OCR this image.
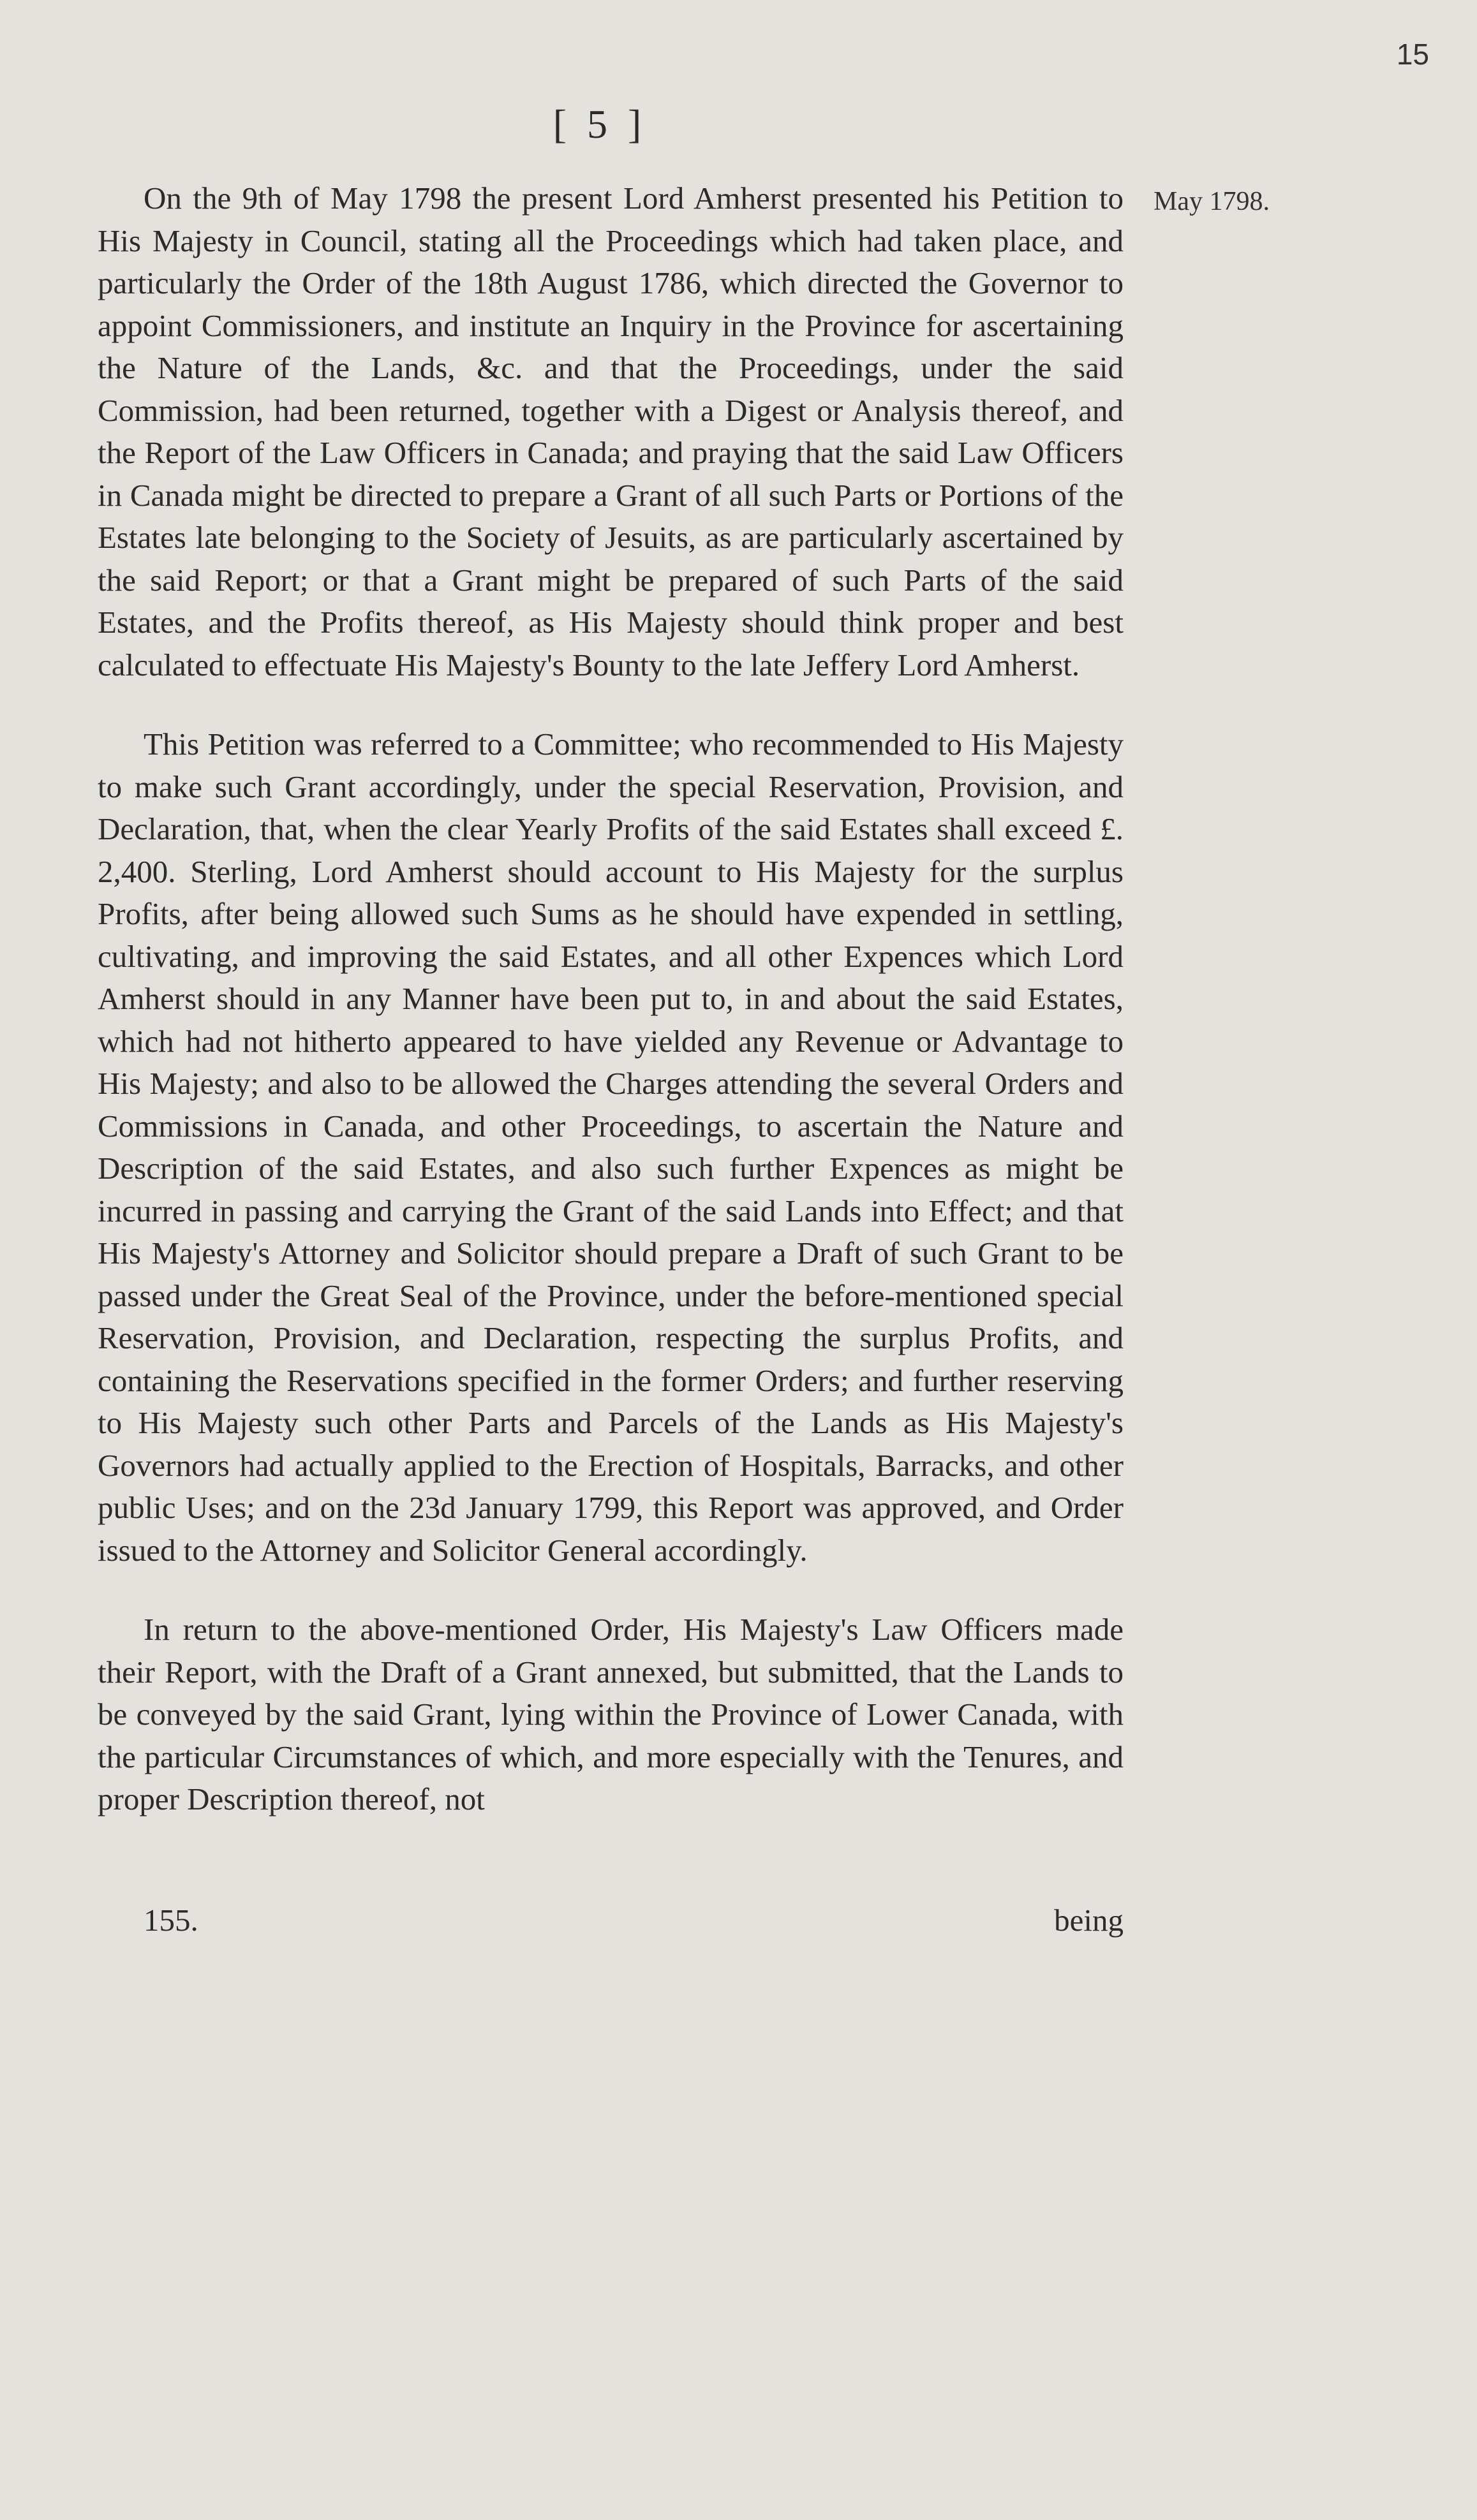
15
[ 5 ]
May 1798.

On the 9th of May 1798 the present Lord Amherst presented his Petition to His Majesty in Council, stating all the Proceedings which had taken place, and particularly the Order of the 18th August 1786, which directed the Governor to appoint Commissioners, and institute an Inquiry in the Province for ascertaining the Nature of the Lands, &c. and that the Proceedings, under the said Commission, had been returned, together with a Digest or Analysis thereof, and the Report of the Law Officers in Canada; and praying that the said Law Officers in Canada might be directed to prepare a Grant of all such Parts or Portions of the Estates late belonging to the Society of Jesuits, as are particularly ascertained by the said Report; or that a Grant might be prepared of such Parts of the said Estates, and the Profits thereof, as His Majesty should think proper and best calculated to effectuate His Majesty's Bounty to the late Jeffery Lord Amherst.

This Petition was referred to a Committee; who recommended to His Majesty to make such Grant accordingly, under the special Reservation, Provision, and Declaration, that, when the clear Yearly Profits of the said Estates shall exceed £. 2,400. Sterling, Lord Amherst should account to His Majesty for the surplus Profits, after being allowed such Sums as he should have expended in settling, cultivating, and improving the said Estates, and all other Expences which Lord Amherst should in any Manner have been put to, in and about the said Estates, which had not hitherto appeared to have yielded any Revenue or Advantage to His Majesty; and also to be allowed the Charges attending the several Orders and Commissions in Canada, and other Proceedings, to ascertain the Nature and Description of the said Estates, and also such further Expences as might be incurred in passing and carrying the Grant of the said Lands into Effect; and that His Majesty's Attorney and Solicitor should prepare a Draft of such Grant to be passed under the Great Seal of the Province, under the before-mentioned special Reservation, Provision, and Declaration, respecting the surplus Profits, and containing the Reservations specified in the former Orders; and further reserving to His Majesty such other Parts and Parcels of the Lands as His Majesty's Governors had actually applied to the Erection of Hospitals, Barracks, and other public Uses; and on the 23d January 1799, this Report was approved, and Order issued to the Attorney and Solicitor General accordingly.

In return to the above-mentioned Order, His Majesty's Law Officers made their Report, with the Draft of a Grant annexed, but submitted, that the Lands to be conveyed by the said Grant, lying within the Province of Lower Canada, with the particular Circumstances of which, and more especially with the Tenures, and proper Description thereof, not

155.	being
